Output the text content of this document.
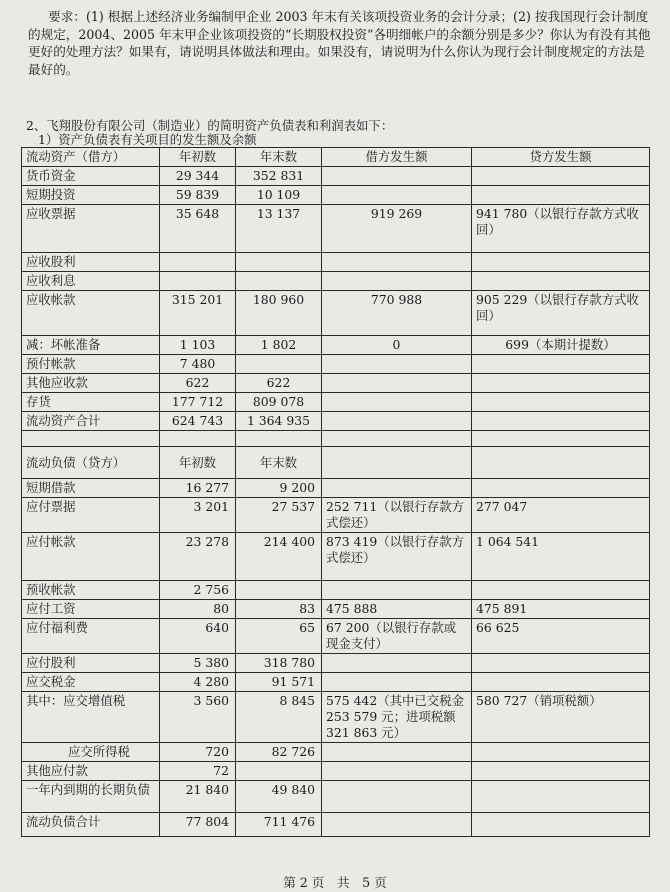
要求：(1) 根据上述经济业务编制甲企业 2003 年末有关该项投资业务的会计分录；(2) 按我国现行会计制度的规定，2004、2005 年末甲企业该项投资的“长期股权投资”各明细帐户的余额分别是多少？你认为有没有其他更好的处理方法？如果有，请说明具体做法和理由。如果没有，请说明为什么你认为现行会计制度规定的方法是最好的。

2、飞翔股份有限公司（制造业）的简明资产负债表和利润表如下：
1）资产负债表有关项目的发生额及余额
流动资产（借方）	年初数	年末数	借方发生额	贷方发生额
货币资金	29 344	352 831		
短期投资	59 839	10 109		
应收票据	35 648	13 137	919 269	941 780（以银行存款方式收回）
应收股利				
应收利息				
应收帐款	315 201	180 960	770 988	905 229（以银行存款方式收回）
减：坏帐准备	1 103	1 802	0	699（本期计提数）
预付帐款	7 480			
其他应收款	622	622		
存货	177 712	809 078		
流动资产合计	624 743	1 364 935		

流动负债（贷方）	年初数	年末数		
短期借款	16 277	9 200		
应付票据	3 201	27 537	252 711（以银行存款方式偿还）	277 047
应付帐款	23 278	214 400	873 419（以银行存款方式偿还）	1 064 541
预收帐款	2 756			
应付工资	80	83	475 888	475 891
应付福利费	640	65	67 200（以银行存款或现金支付）	66 625
应付股利	5 380	318 780		
应交税金	4 280	91 571		
其中：应交增值税	3 560	8 845	575 442（其中已交税金 253 579 元；进项税额 321 863 元）	580 727（销项税额）
应交所得税	720	82 726		
其他应付款	72			
一年内到期的长期负债	21 840	49 840		
流动负债合计	77 804	711 476		
第 2 页　共　5 页
